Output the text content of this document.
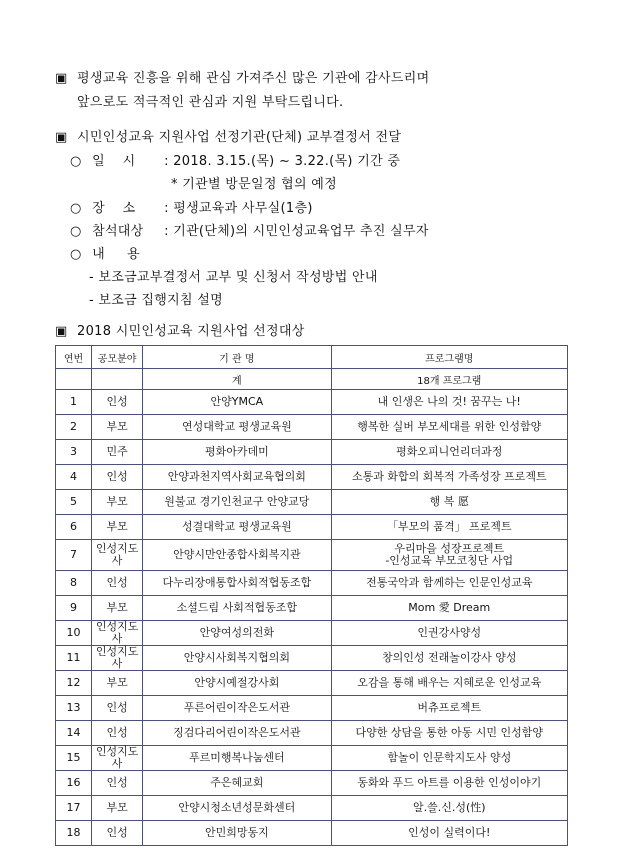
▣ 평생교육 진흥을 위해 관심 가져주신 많은 기관에 감사드리며
앞으로도 적극적인 관심과 지원 부탁드립니다.
▣ 시민인성교육 지원사업 선정기관(단체) 교부결정서 전달
○ 일    시 : 2018. 3.15.(목) ~ 3.22.(목) 기간 중
* 기관별 방문일정 협의 예정
○ 장    소 : 평생교육과 사무실(1층)
○ 참석대상 : 기관(단체)의 시민인성교육업무 추진 실무자
○ 내     용
- 보조금교부결정서 교부 및 신청서 작성방법 안내
- 보조금 집행지침 설명
▣ 2018 시민인성교육 지원사업 선정대상
연번	공모분야	기 관 명	프로그램명
		계	18개 프로그램
1	인성	안양YMCA	내 인생은 나의 것! 꿈꾸는 나!
2	부모	연성대학교 평생교육원	행복한 실버 부모세대를 위한 인성함양
3	민주	평화아카데미	평화오피니언리더과정
4	인성	안양과천지역사회교육협의회	소통과 화합의 회복적 가족성장 프로젝트
5	부모	원불교 경기인천교구 안양교당	행 복 愿
6	부모	성결대학교 평생교육원	「부모의 품격」 프로젝트
7	인성지도사	안양시만안종합사회복지관	우리마을 성장프로젝트
-인성교육 부모코칭단 사업
8	인성	다누리장애통합사회적협동조합	전통국악과 함께하는 인문인성교육
9	부모	소셜드림 사회적협동조합	Mom 愛 Dream
10	인성지도사	안양여성의전화	인권강사양성
11	인성지도사	안양시사회복지협의회	창의인성 전래놀이강사 양성
12	부모	안양시예절강사회	오감을 통해 배우는 지혜로운 인성교육
13	인성	푸른어린이작은도서관	버츄프로젝트
14	인성	징검다리어린이작은도서관	다양한 상담을 통한 아동 시민 인성함양
15	인성지도사	푸르미행복나눔센터	함놀이 인문학지도사 양성
16	인성	주은혜교회	동화와 푸드 아트를 이용한 인성이야기
17	부모	안양시청소년성문화센터	알.쓸.신.성(性)
18	인성	안민희망동지	인성이 실력이다!
